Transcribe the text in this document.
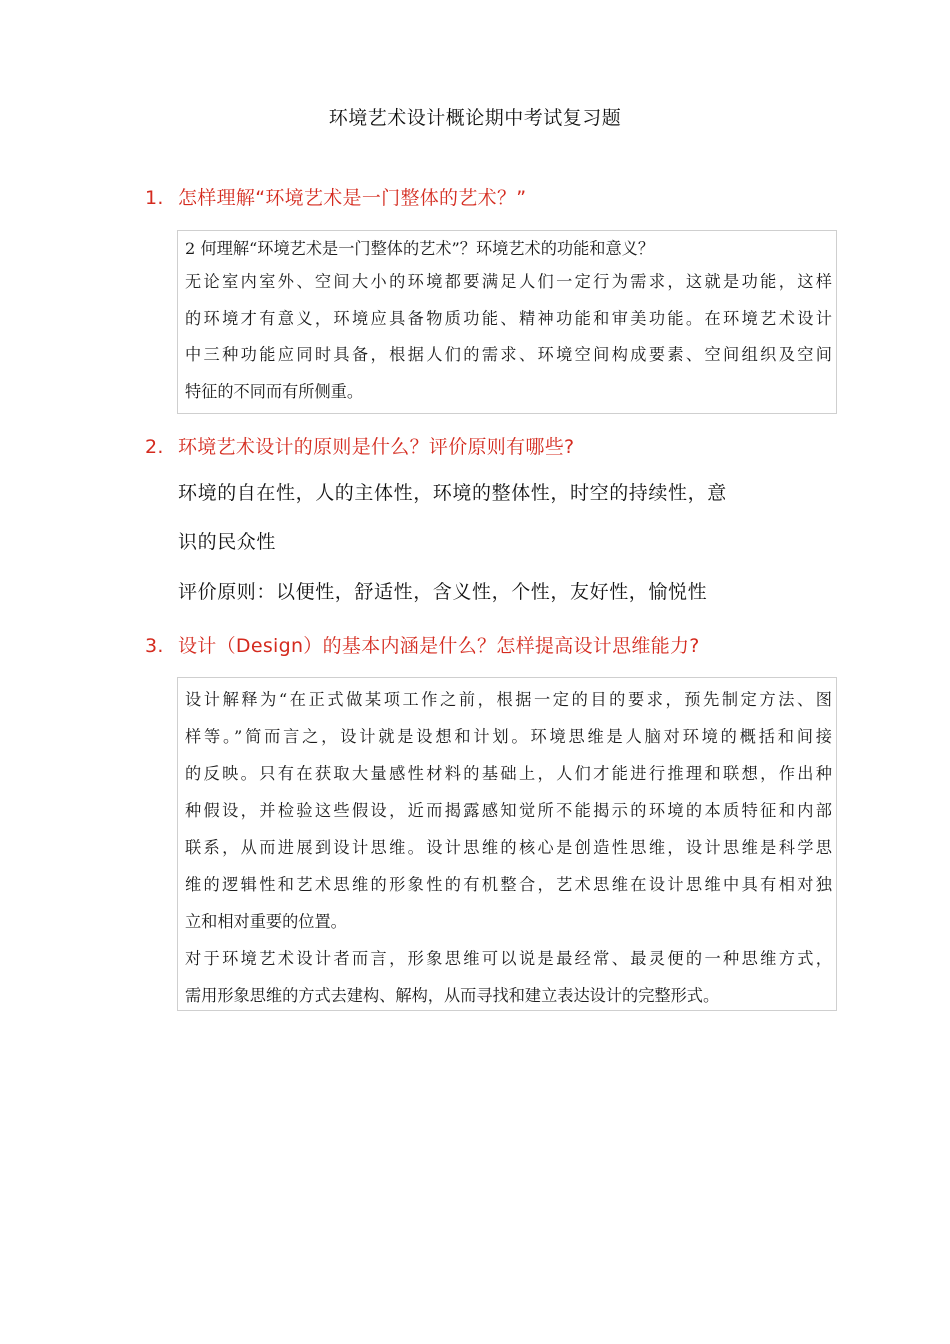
环境艺术设计概论期中考试复习题
1. 怎样理解“环境艺术是一门整体的艺术？”
2 何理解“环境艺术是一门整体的艺术”？环境艺术的功能和意义？
无论室内室外、空间大小的环境都要满足人们一定行为需求，这就是功能，这样
的环境才有意义，环境应具备物质功能、精神功能和审美功能。在环境艺术设计
中三种功能应同时具备，根据人们的需求、环境空间构成要素、空间组织及空间
特征的不同而有所侧重。
2. 环境艺术设计的原则是什么？评价原则有哪些?
环境的自在性，人的主体性，环境的整体性，时空的持续性，意
识的民众性
评价原则：以便性，舒适性，含义性，个性，友好性，愉悦性
3. 设计（Design）的基本内涵是什么？怎样提高设计思维能力?
设计解释为“在正式做某项工作之前，根据一定的目的要求，预先制定方法、图
样等。”简而言之，设计就是设想和计划。环境思维是人脑对环境的概括和间接
的反映。只有在获取大量感性材料的基础上，人们才能进行推理和联想，作出种
种假设，并检验这些假设，近而揭露感知觉所不能揭示的环境的本质特征和内部
联系，从而进展到设计思维。设计思维的核心是创造性思维，设计思维是科学思
维的逻辑性和艺术思维的形象性的有机整合，艺术思维在设计思维中具有相对独
立和相对重要的位置。
对于环境艺术设计者而言，形象思维可以说是最经常、最灵便的一种思维方式，
需用形象思维的方式去建构、解构，从而寻找和建立表达设计的完整形式。
